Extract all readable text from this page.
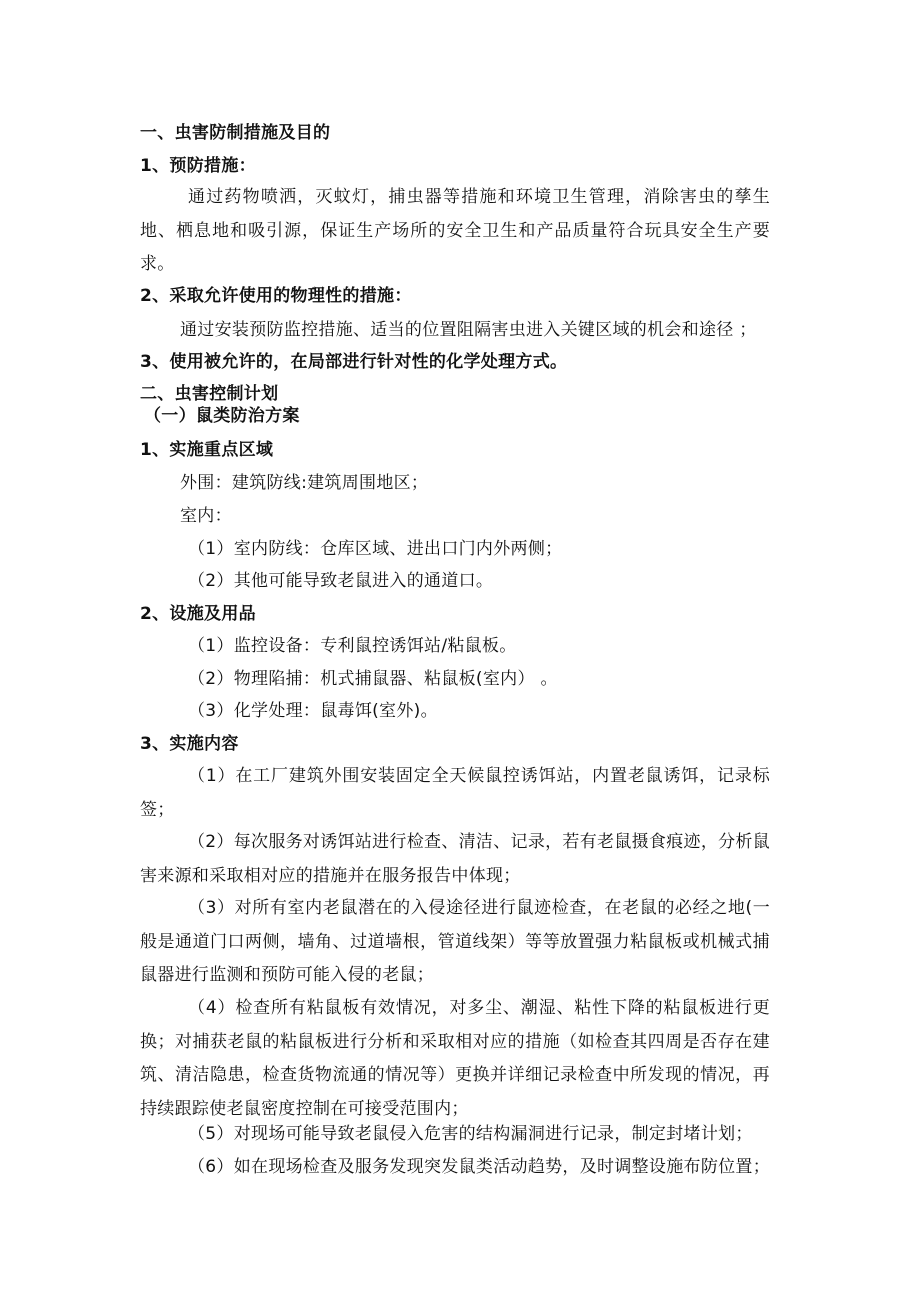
一、虫害防制措施及目的
1、预防措施：
通过药物喷洒，灭蚊灯，捕虫器等措施和环境卫生管理，消除害虫的孳生地、栖息地和吸引源，保证生产场所的安全卫生和产品质量符合玩具安全生产要求。
2、采取允许使用的物理性的措施：
通过安装预防监控措施、适当的位置阻隔害虫进入关键区域的机会和途径 ；
3、使用被允许的，在局部进行针对性的化学处理方式。
二、虫害控制计划
（一）鼠类防治方案
1、实施重点区域
外围：建筑防线:建筑周围地区；
室内：
（1）室内防线：仓库区域、进出口门内外两侧；
（2）其他可能导致老鼠进入的通道口。
2、设施及用品
（1）监控设备：专利鼠控诱饵站/粘鼠板。
（2）物理陷捕：机式捕鼠器、粘鼠板(室内） 。
（3）化学处理：鼠毒饵(室外)。
3、实施内容
（1）在工厂建筑外围安装固定全天候鼠控诱饵站，内置老鼠诱饵，记录标签；
（2）每次服务对诱饵站进行检查、清洁、记录，若有老鼠摄食痕迹，分析鼠害来源和采取相对应的措施并在服务报告中体现；
（3）对所有室内老鼠潜在的入侵途径进行鼠迹检查，在老鼠的必经之地(一般是通道门口两侧，墙角、过道墙根，管道线架）等等放置强力粘鼠板或机械式捕鼠器进行监测和预防可能入侵的老鼠；
（4）检查所有粘鼠板有效情况，对多尘、潮湿、粘性下降的粘鼠板进行更换；对捕获老鼠的粘鼠板进行分析和采取相对应的措施（如检查其四周是否存在建筑、清洁隐患，检查货物流通的情况等）更换并详细记录检查中所发现的情况，再持续跟踪使老鼠密度控制在可接受范围内；
（5）对现场可能导致老鼠侵入危害的结构漏洞进行记录，制定封堵计划；
（6）如在现场检查及服务发现突发鼠类活动趋势，及时调整设施布防位置；
